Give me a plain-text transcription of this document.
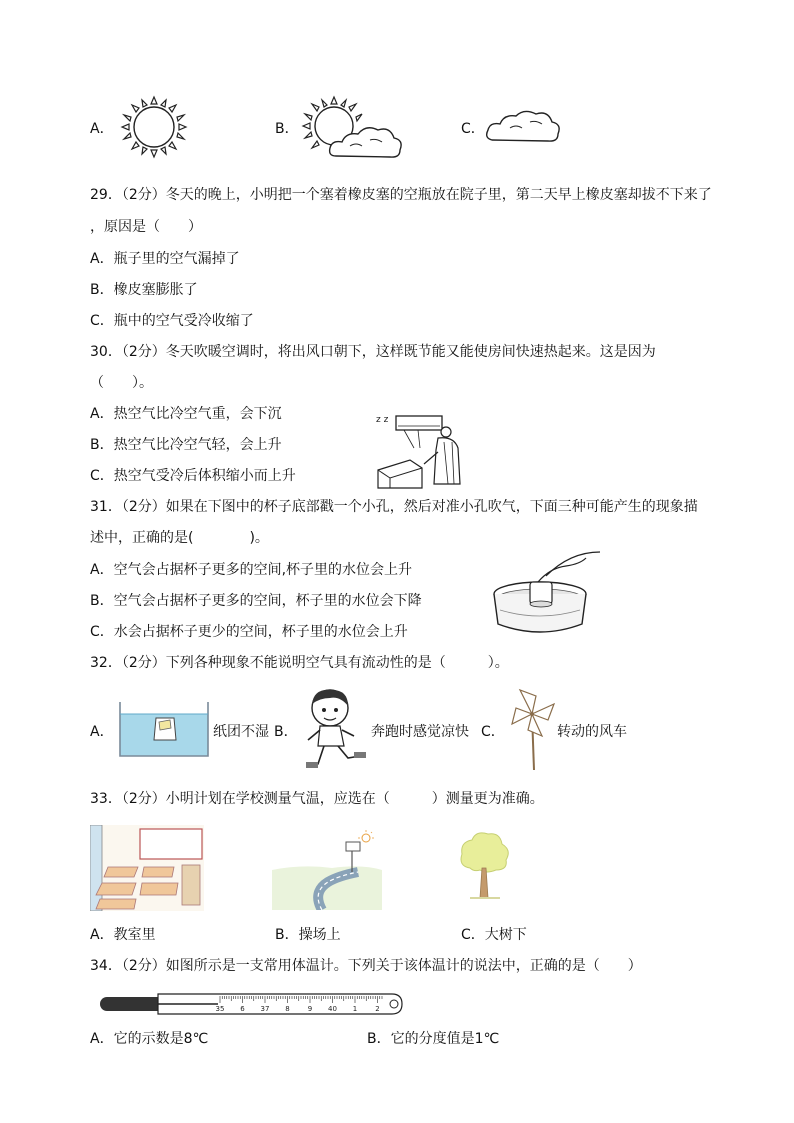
A．	B．	C．
29．（2分）冬天的晚上，小明把一个塞着橡皮塞的空瓶放在院子里，第二天早上橡皮塞却拔不下来了
，原因是（　　）
A．瓶子里的空气漏掉了
B．橡皮塞膨胀了
C．瓶中的空气受冷收缩了
30．（2分）冬天吹暖空调时，将出风口朝下，这样既节能又能使房间快速热起来。这是因为
（　　）。
A．热空气比冷空气重，会下沉
B．热空气比冷空气轻，会上升
C．热空气受冷后体积缩小而上升
z z
31．（2分）如果在下图中的杯子底部戳一个小孔，然后对准小孔吹气，下面三种可能产生的现象描
述中，正确的是(　　　　)。
A．空气会占据杯子更多的空间,杯子里的水位会上升
B．空气会占据杯子更多的空间，杯子里的水位会下降
C．水会占据杯子更少的空间，杯子里的水位会上升
32．（2分）下列各种现象不能说明空气具有流动性的是（　　　）。
A．	纸团不湿 B．	奔跑时感觉凉快 C．	转动的风车
33．（2分）小明计划在学校测量气温，应选在（　　　）测量更为准确。
A．教室里	B．操场上	C．大树下
34．（2分）如图所示是一支常用体温计。下列关于该体温计的说法中，正确的是（　　）
35 6 37 8	9 40 1	2
A．它的示数是8℃	B．它的分度值是1℃
